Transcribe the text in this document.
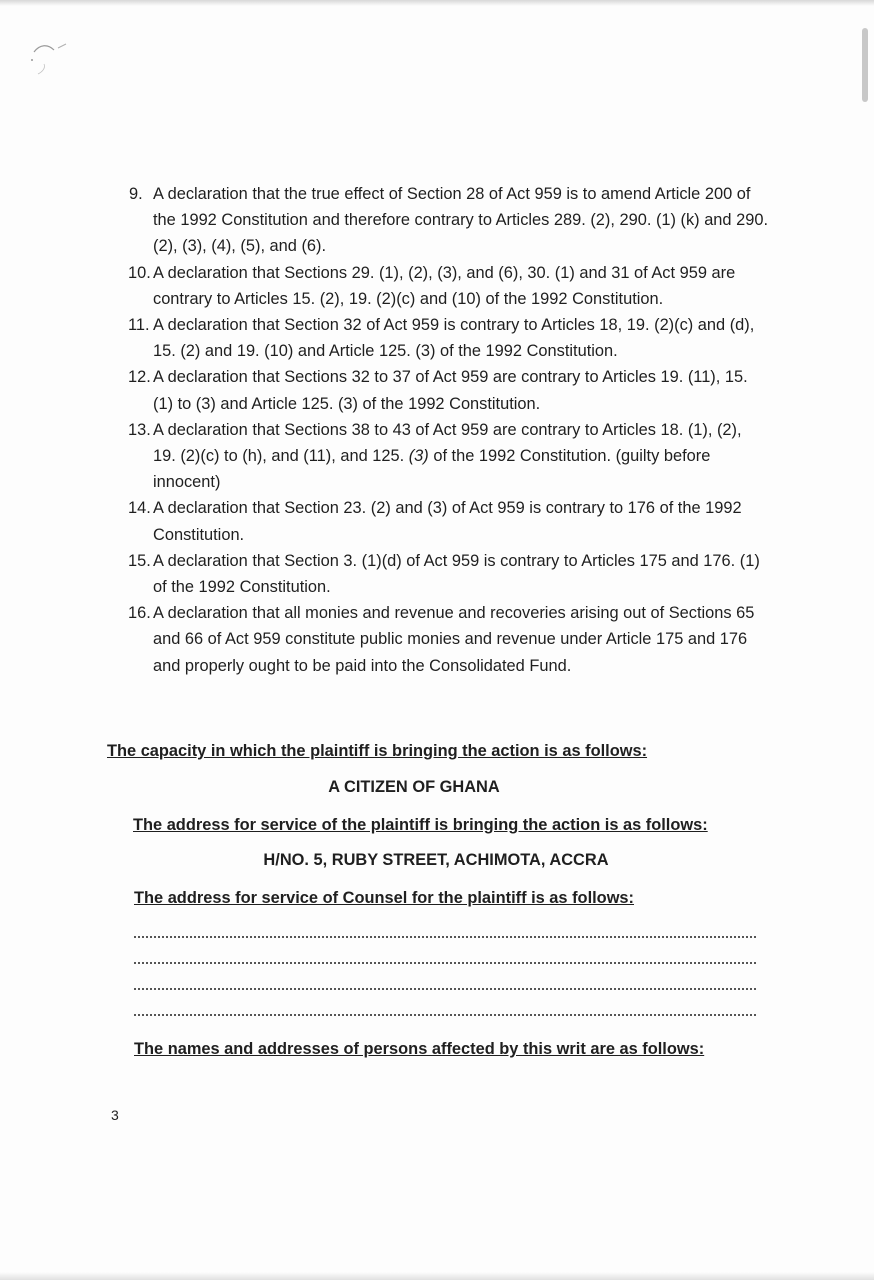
9. A declaration that the true effect of Section 28 of Act 959 is to amend Article 200 of the 1992 Constitution and therefore contrary to Articles 289. (2), 290. (1) (k) and 290. (2), (3), (4), (5), and (6).
10. A declaration that Sections 29. (1), (2), (3), and (6), 30. (1) and 31 of Act 959 are contrary to Articles 15. (2), 19. (2)(c) and (10) of the 1992 Constitution.
11. A declaration that Section 32 of Act 959 is contrary to Articles 18, 19. (2)(c) and (d), 15. (2) and 19. (10) and Article 125. (3) of the 1992 Constitution.
12. A declaration that Sections 32 to 37 of Act 959 are contrary to Articles 19. (11), 15. (1) to (3) and Article 125. (3) of the 1992 Constitution.
13. A declaration that Sections 38 to 43 of Act 959 are contrary to Articles 18. (1), (2), 19. (2)(c) to (h), and (11), and 125. (3) of the 1992 Constitution. (guilty before innocent)
14. A declaration that Section 23. (2) and (3) of Act 959 is contrary to 176 of the 1992 Constitution.
15. A declaration that Section 3. (1)(d) of Act 959 is contrary to Articles 175 and 176. (1) of the 1992 Constitution.
16. A declaration that all monies and revenue and recoveries arising out of Sections 65 and 66 of Act 959 constitute public monies and revenue under Article 175 and 176 and properly ought to be paid into the Consolidated Fund.
The capacity in which the plaintiff is bringing the action is as follows:
A CITIZEN OF GHANA
The address for service of the plaintiff is bringing the action is as follows:
H/NO. 5, RUBY STREET, ACHIMOTA, ACCRA
The address for service of Counsel for the plaintiff is as follows:
The names and addresses of persons affected by this writ are as follows:
3
